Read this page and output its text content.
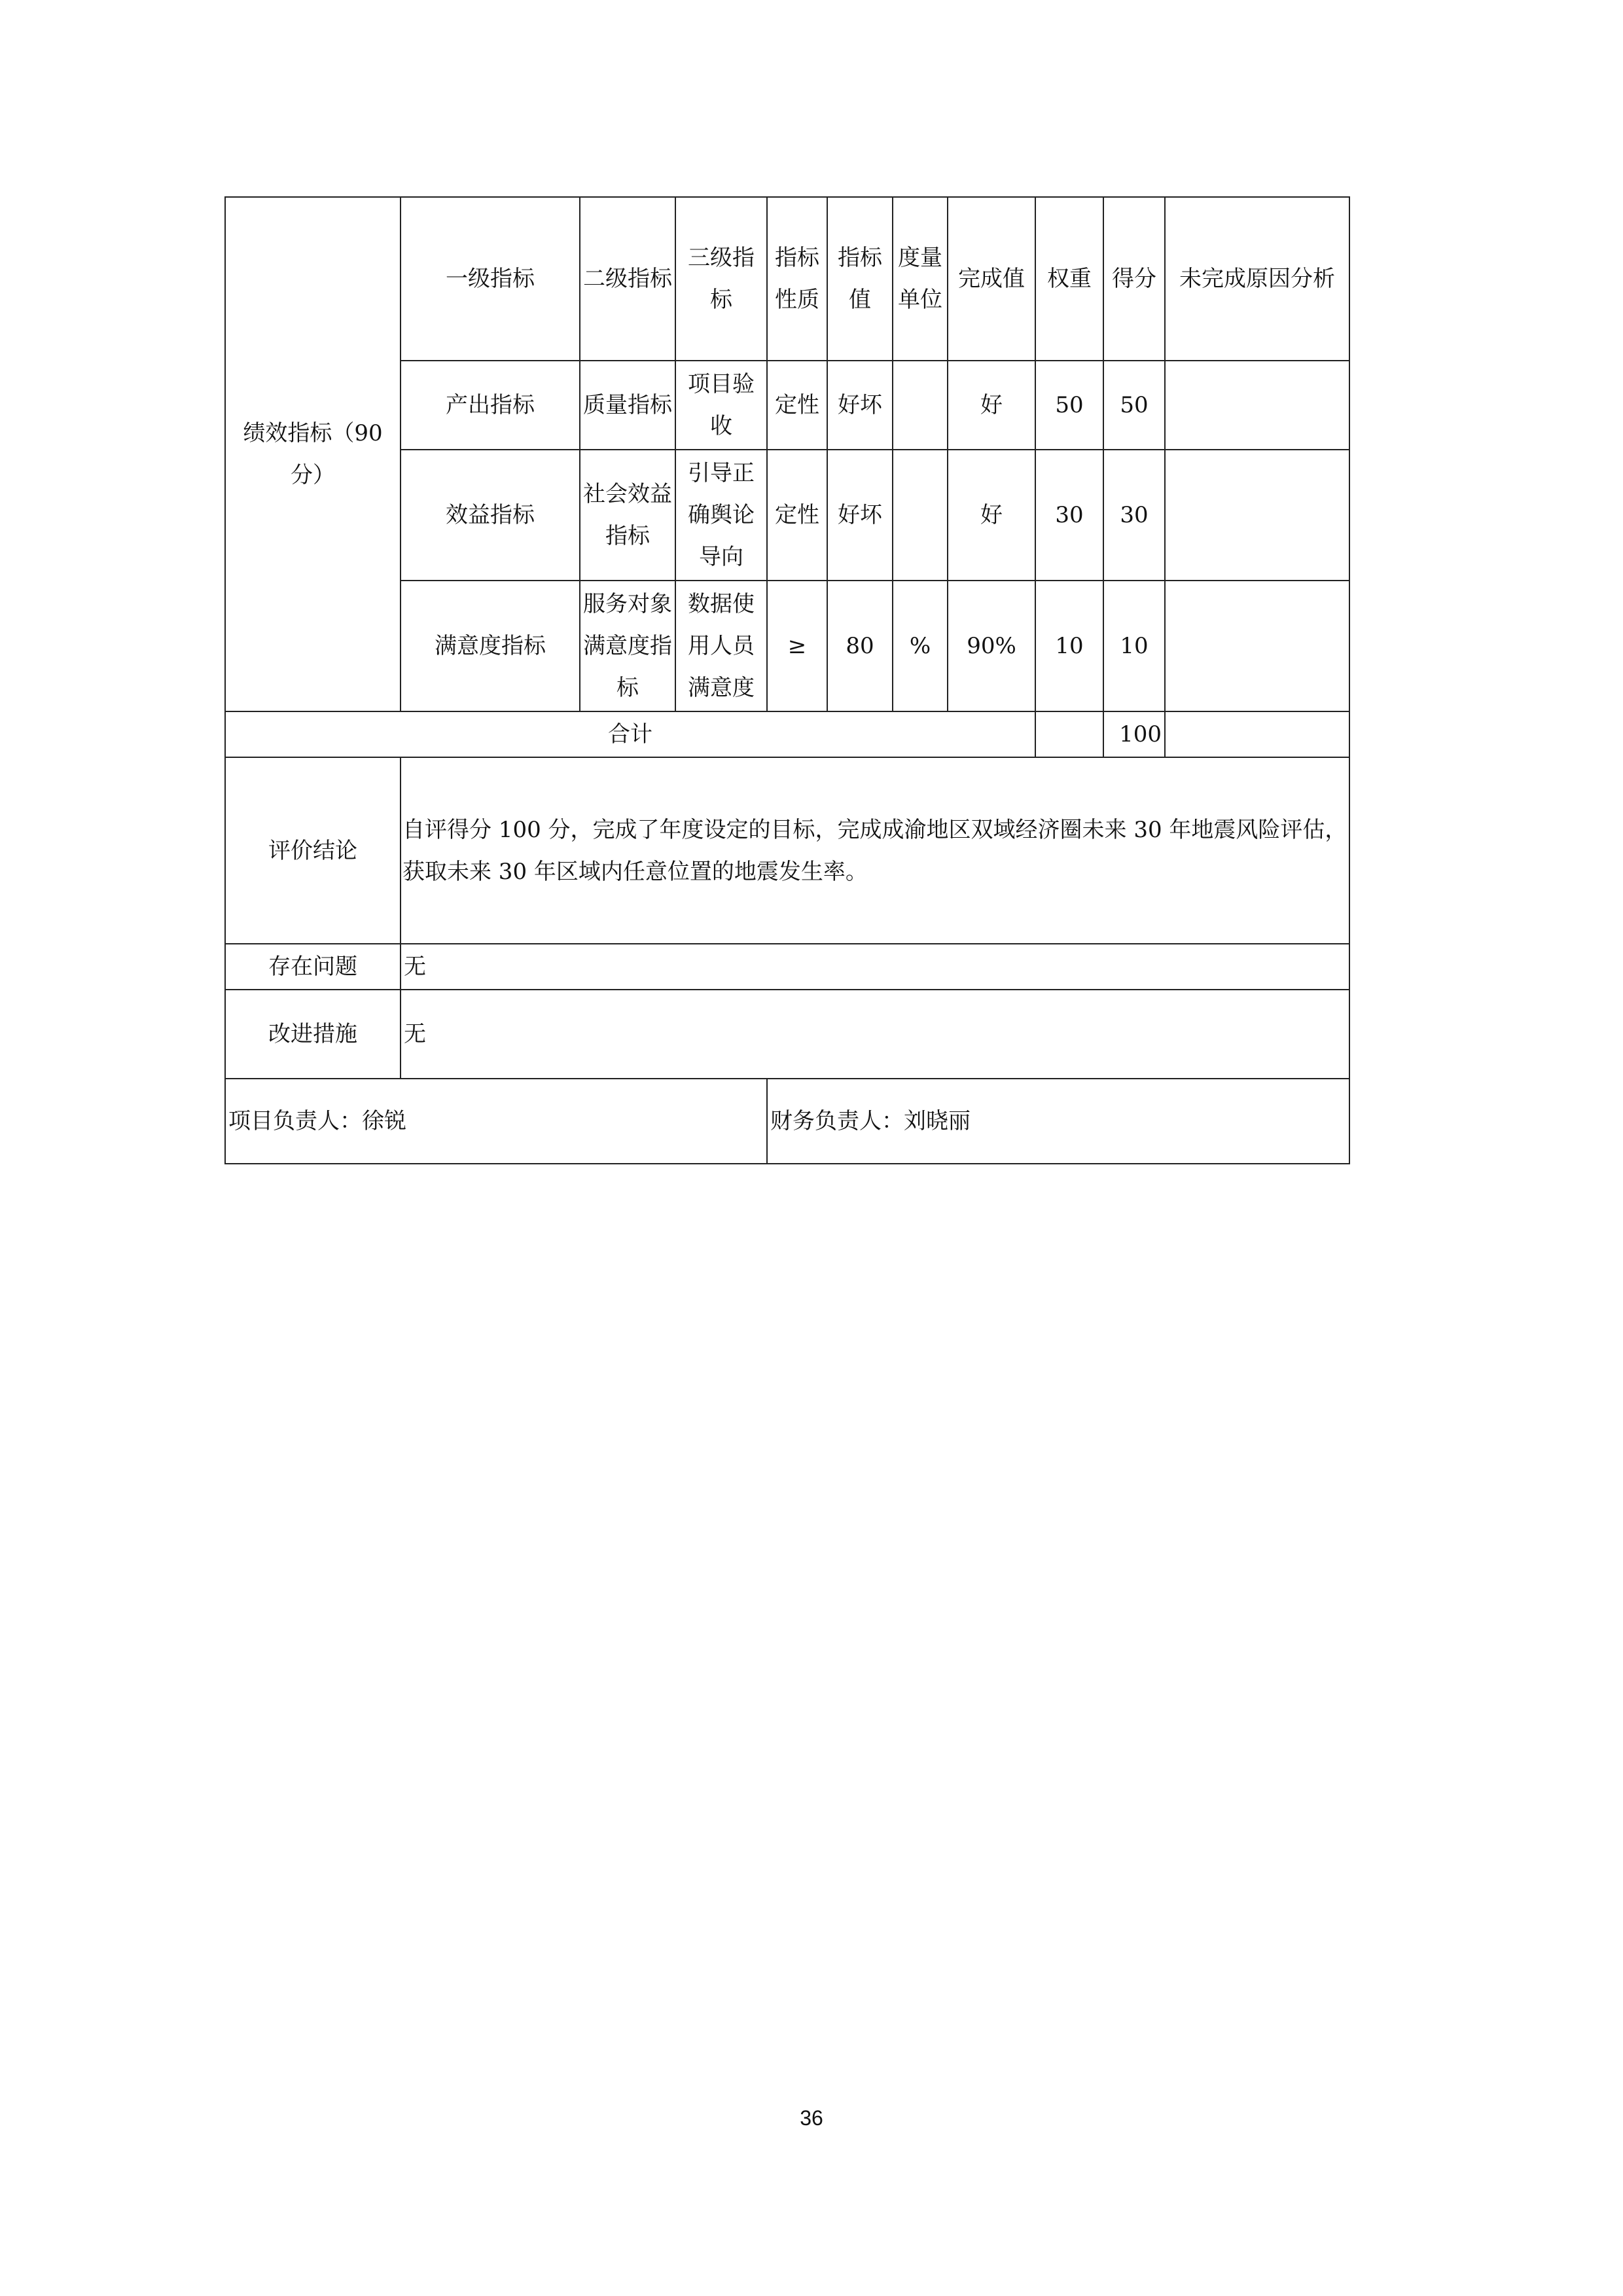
绩效指标（90分）	一级指标	二级指标	三级指标	指标性质	指标值	度量单位	完成值	权重	得分	未完成原因分析
	产出指标	质量指标	项目验收	定性	好坏		好	50	50	
	效益指标	社会效益指标	引导正确舆论导向	定性	好坏		好	30	30	
	满意度指标	服务对象满意度指标	数据使用人员满意度	≥	80	%	90%	10	10	
合计									100	
评价结论	自评得分 100 分，完成了年度设定的目标，完成成渝地区双域经济圈未来 30 年地震风险评估，获取未来 30 年区域内任意位置的地震发生率。									
存在问题	无									
改进措施	无									
项目负责人：徐锐				财务负责人：刘晓丽						
36
